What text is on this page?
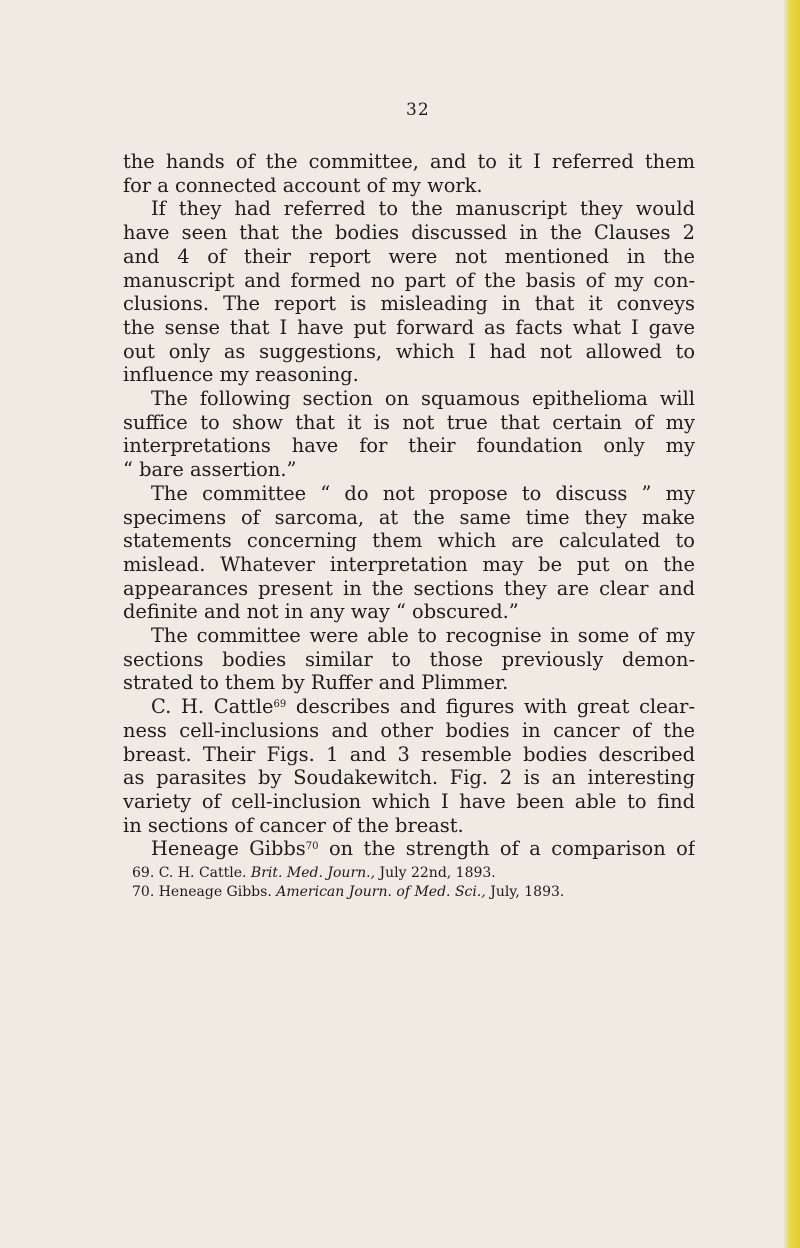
32
the hands of the committee, and to it I referred them
for a connected account of my work.
If they had referred to the manuscript they would
have seen that the bodies discussed in the Clauses 2
and 4 of their report were not mentioned in the
manuscript and formed no part of the basis of my con-
clusions. The report is misleading in that it conveys
the sense that I have put forward as facts what I gave
out only as suggestions, which I had not allowed to
influence my reasoning.
The following section on squamous epithelioma will
suffice to show that it is not true that certain of my
interpretations have for their foundation only my
“ bare assertion.”
The committee “ do not propose to discuss ” my
specimens of sarcoma, at the same time they make
statements concerning them which are calculated to
mislead. Whatever interpretation may be put on the
appearances present in the sections they are clear and
definite and not in any way “ obscured.”
The committee were able to recognise in some of my
sections bodies similar to those previously demon-
strated to them by Ruffer and Plimmer.
C. H. Cattle$^{69}$ describes and figures with great clear-
ness cell-inclusions and other bodies in cancer of the
breast. Their Figs. 1 and 3 resemble bodies described
as parasites by Soudakewitch. Fig. 2 is an interesting
variety of cell-inclusion which I have been able to find
in sections of cancer of the breast.
Heneage Gibbs$^{70}$ on the strength of a comparison of
69. C. H. Cattle. Brit. Med. Journ., July 22nd, 1893.
70. Heneage Gibbs. American Journ. of Med. Sci., July, 1893.
